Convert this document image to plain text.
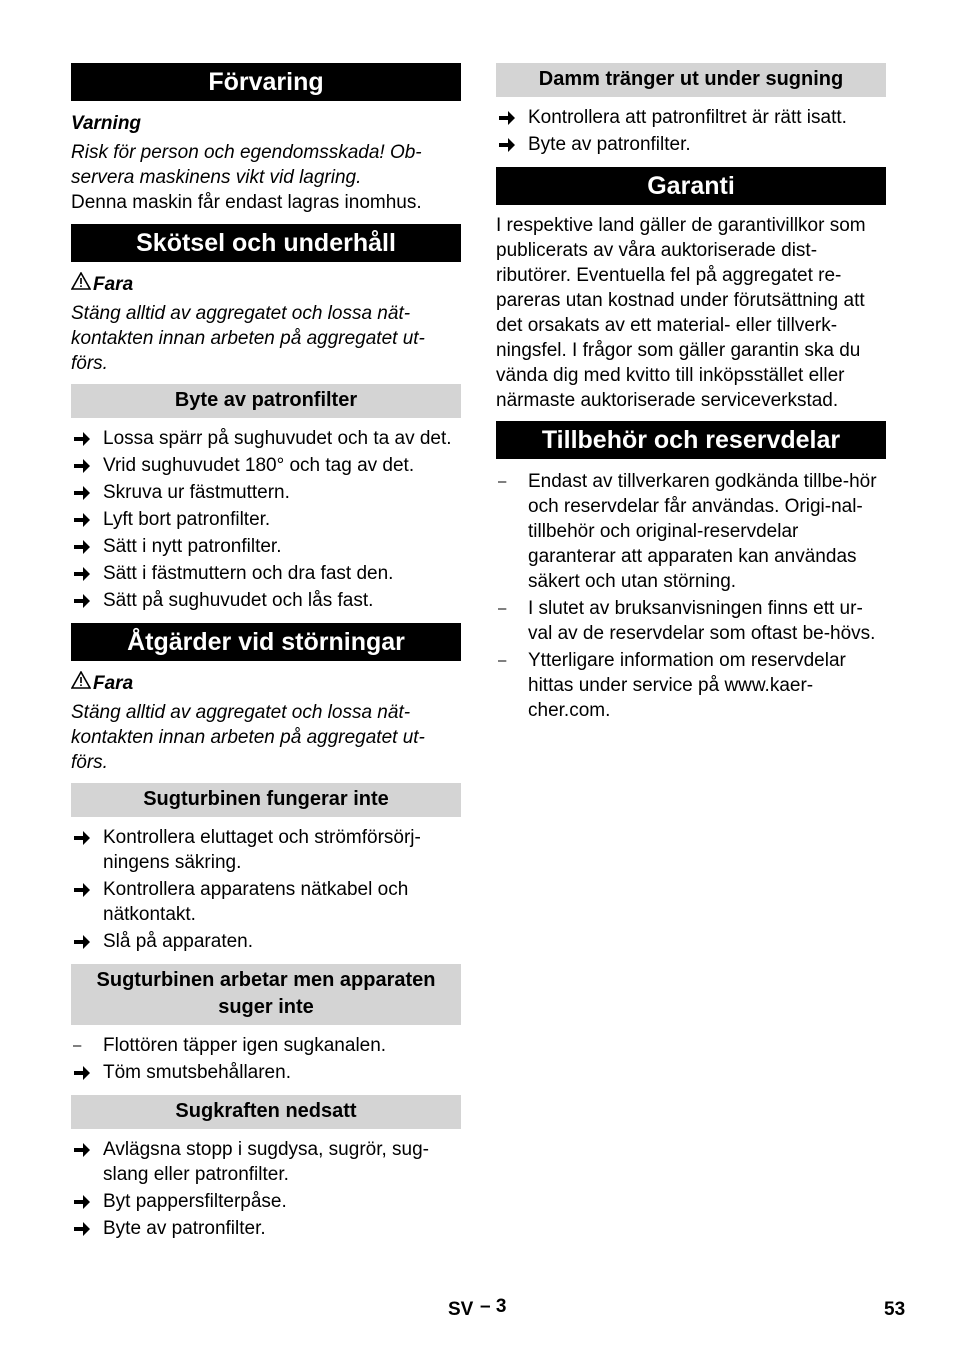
Förvaring
Varning

Risk för person och egendomsskada! Ob-servera maskinens vikt vid lagring.

Denna maskin får endast lagras inomhus.

Skötsel och underhåll
Fara

Stäng alltid av aggregatet och lossa nät-kontakten innan arbeten på aggregatet ut-förs.

Byte av patronfilter
Lossa spärr på sughuvudet och ta av det.
Vrid sughuvudet 180° och tag av det.
Skruva ur fästmuttern.
Lyft bort patronfilter.
Sätt i nytt patronfilter.
Sätt i fästmuttern och dra fast den.
Sätt på sughuvudet och lås fast.
Åtgärder vid störningar
Fara

Stäng alltid av aggregatet och lossa nät-kontakten innan arbeten på aggregatet ut-förs.

Sugturbinen fungerar inte
Kontrollera eluttaget och strömförsörj-ningens säkring.
Kontrollera apparatens nätkabel och nätkontakt.
Slå på apparaten.
Sugturbinen arbetar men apparaten suger inte
–	Flottören täpper igen sugkanalen.
Töm smutsbehållaren.
Sugkraften nedsatt
Avlägsna stopp i sugdysa, sugrör, sug-slang eller patronfilter.
Byt pappersfilterpåse.
Byte av patronfilter.
Damm tränger ut under sugning
Kontrollera att patronfiltret är rätt isatt.
Byte av patronfilter.
Garanti

I respektive land gäller de garantivillkor som publicerats av våra auktoriserade dist-ributörer. Eventuella fel på aggregatet re-pareras utan kostnad under förutsättning att det orsakats av ett material- eller tillverk-ningsfel. I frågor som gäller garantin ska du vända dig med kvitto till inköpsstället eller närmaste auktoriserade serviceverkstad.

Tillbehör och reservdelar
–	Endast av tillverkaren godkända tillbe-hör och reservdelar får användas. Origi-nal-tillbehör och original-reservdelar garanterar att apparaten kan användas säkert och utan störning.
–	I slutet av bruksanvisningen finns ett ur-val av de reservdelar som oftast be-hövs.
–	Ytterligare information om reservdelar hittas under service på www.kaer-cher.com.
SV – 3	53
